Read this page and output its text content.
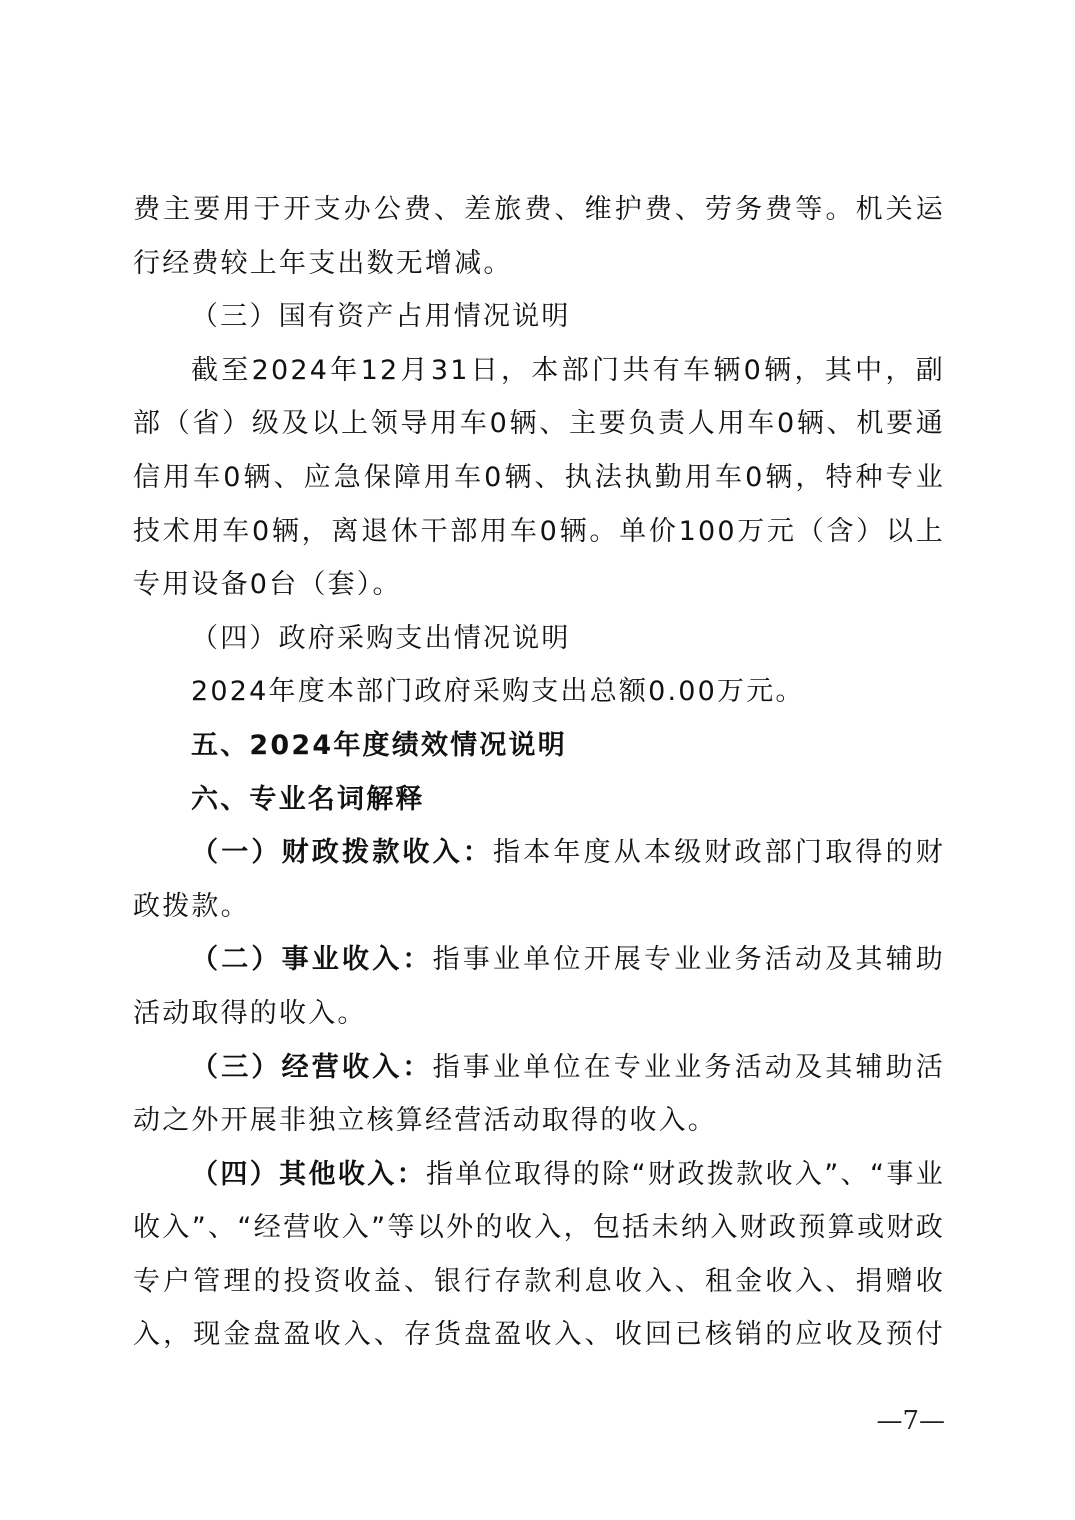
费主要用于开支办公费、差旅费、维护费、劳务费等。机关运行经费较上年支出数无增减。

（三）国有资产占用情况说明

截至2024年12月31日，本部门共有车辆0辆，其中，副部（省）级及以上领导用车0辆、主要负责人用车0辆、机要通信用车0辆、应急保障用车0辆、执法执勤用车0辆，特种专业技术用车0辆，离退休干部用车0辆。单价100万元（含）以上专用设备0台（套）。

（四）政府采购支出情况说明

2024年度本部门政府采购支出总额0.00万元。

五、2024年度绩效情况说明

六、专业名词解释

（一）财政拨款收入：指本年度从本级财政部门取得的财政拨款。

（二）事业收入：指事业单位开展专业业务活动及其辅助活动取得的收入。

（三）经营收入：指事业单位在专业业务活动及其辅助活动之外开展非独立核算经营活动取得的收入。

（四）其他收入：指单位取得的除“财政拨款收入”、“事业收入”、“经营收入”等以外的收入，包括未纳入财政预算或财政专户管理的投资收益、银行存款利息收入、租金收入、捐赠收入，现金盘盈收入、存货盘盈收入、收回已核销的应收及预付

—7—
